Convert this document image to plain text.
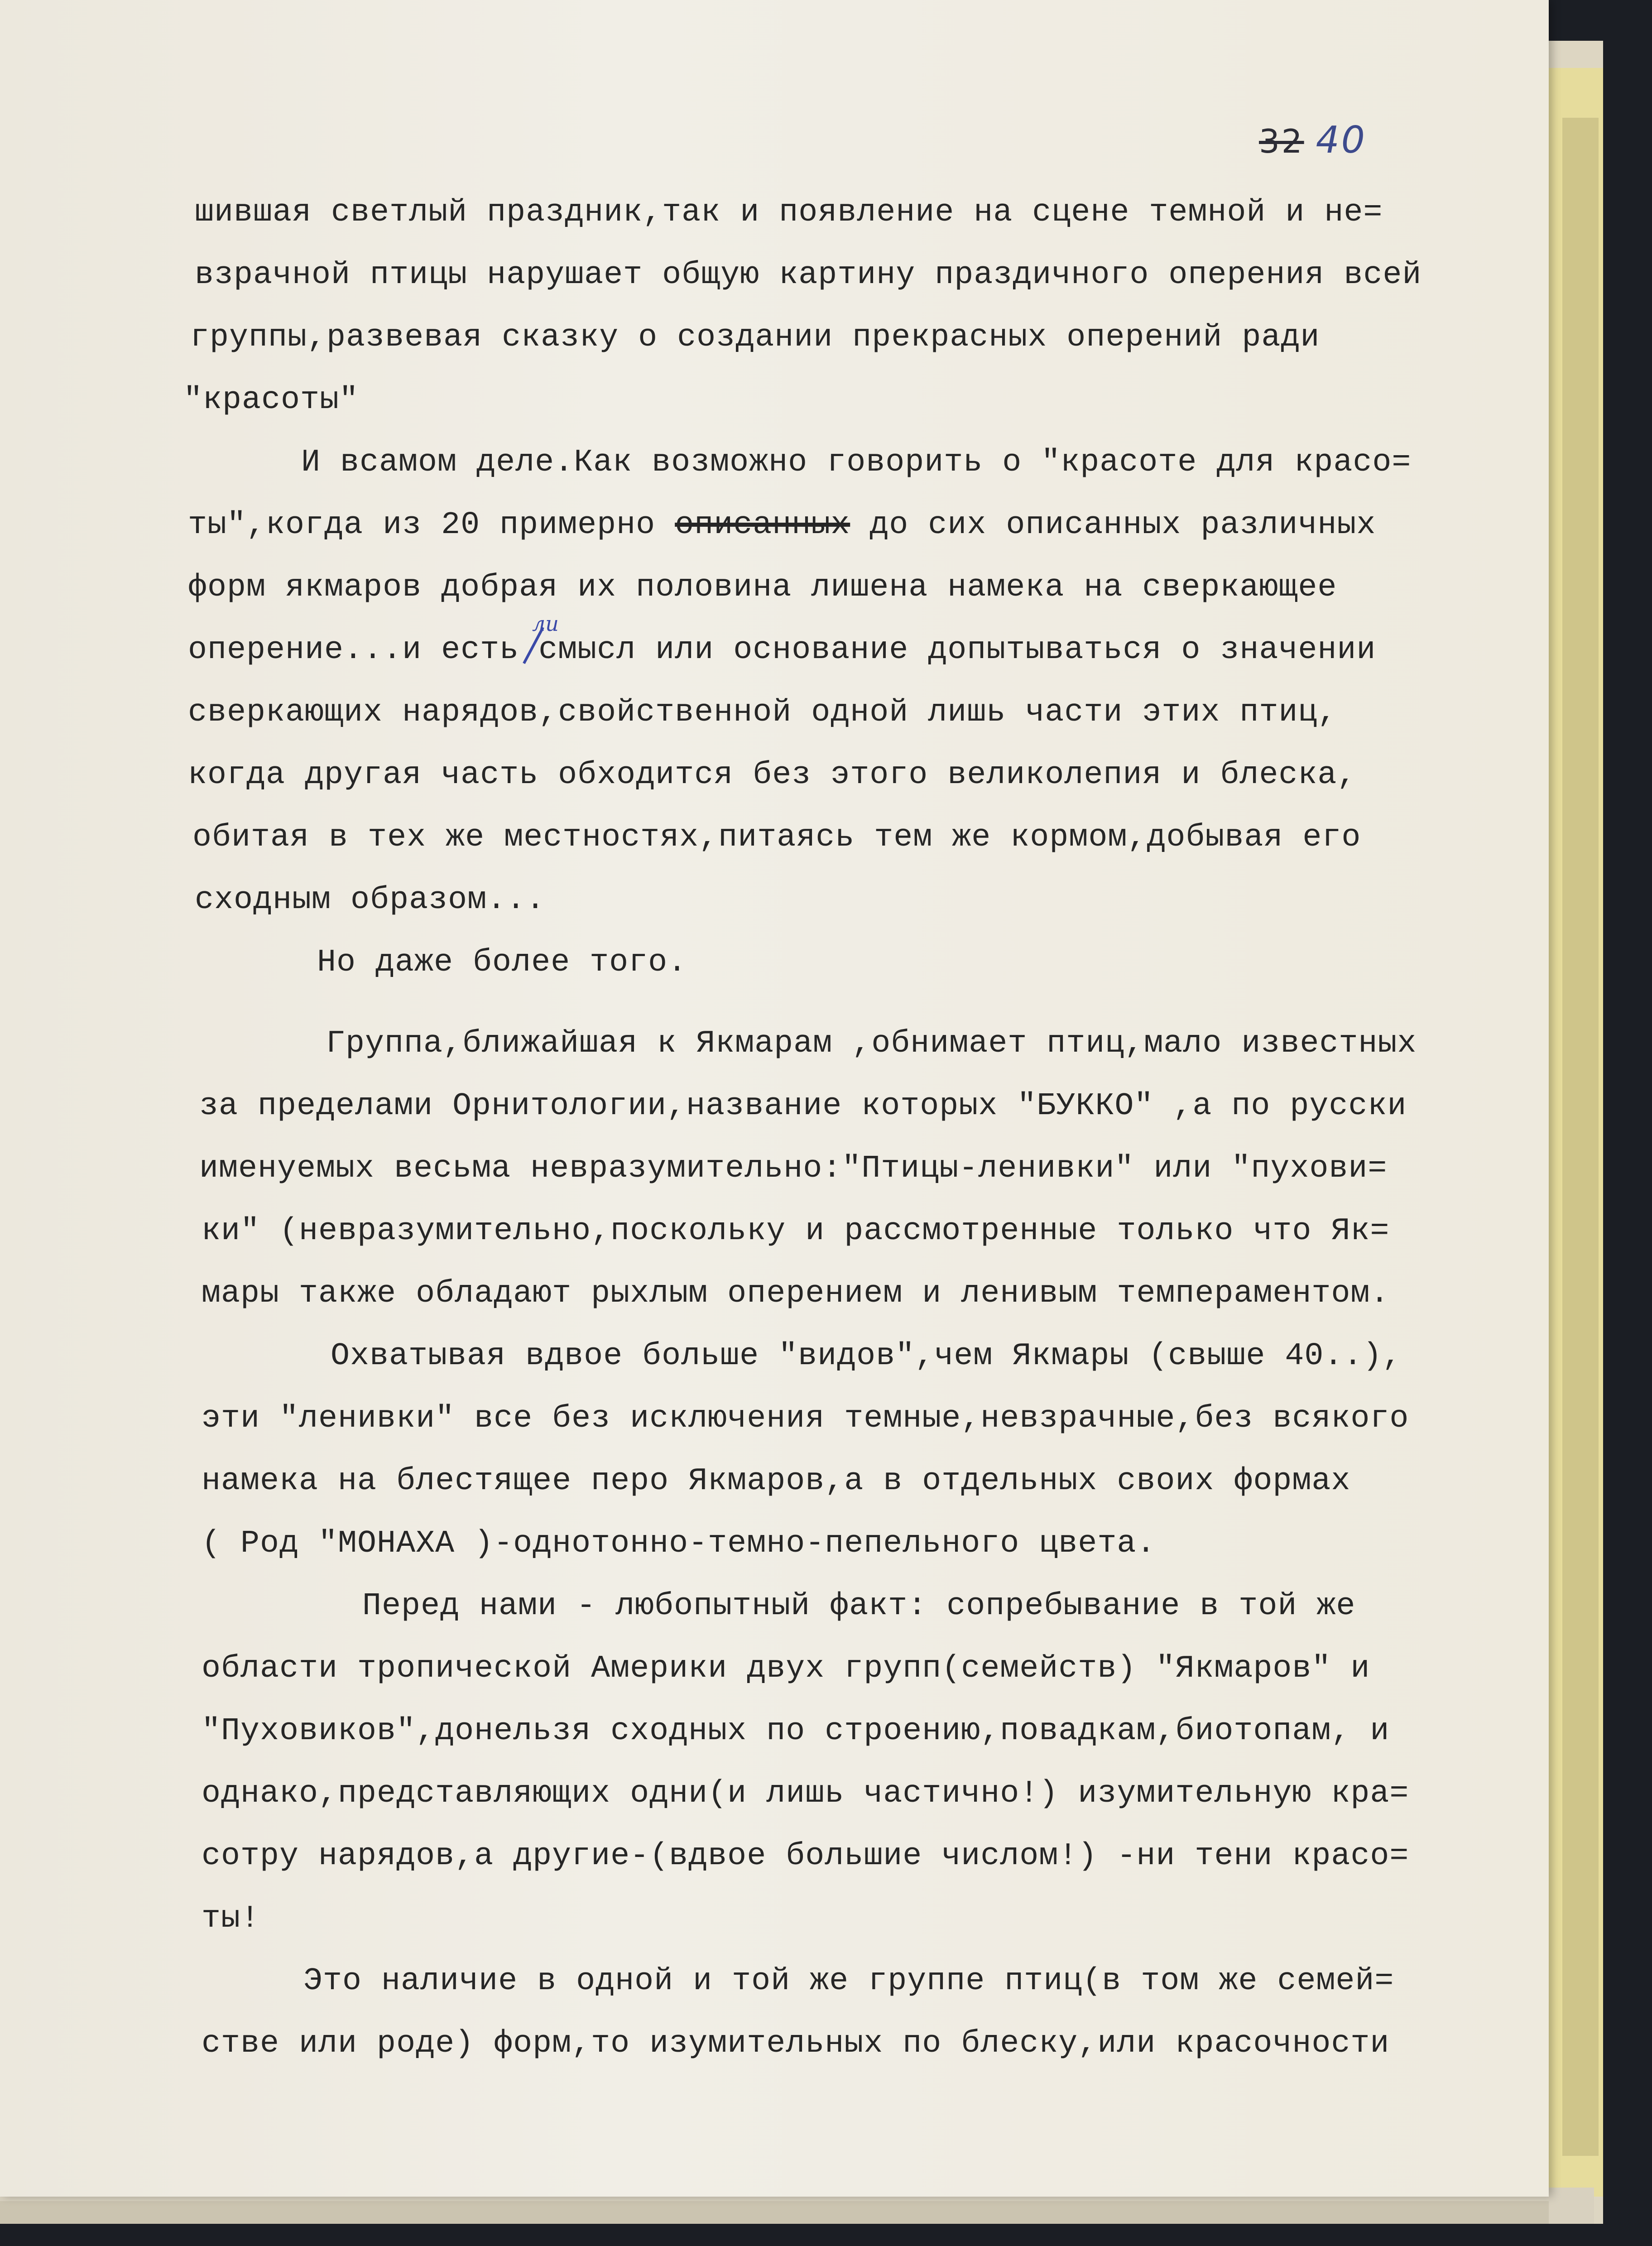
32 40
шившая светлый праздник,так и появление на сцене темной и не=
взрачной птицы нарушает общую картину праздичного оперения всей
группы,развевая сказку о создании прекрасных оперений ради
"красоты"
И всамом деле.Как возможно говорить о "красоте для красо=
ты",когда из 20 примерно описанных до сих описанных различных
форм якмаров добрая их половина лишена намека на сверкающее
оперение...и есть смысл или основание допытываться о значении
ли
сверкающих нарядов,свойственной одной лишь части этих птиц,
когда другая часть обходится без этого великолепия и блеска,
обитая в тех же местностях,питаясь тем же кормом,добывая его
сходным образом...
Но даже более того.
Группа,ближайшая к Якмарам ,обнимает птиц,мало известных
за пределами Орнитологии,название которых "БУККО" ,а по русски
именуемых весьма невразумительно:"Птицы-ленивки" или "пухови=
ки" (невразумительно,поскольку и рассмотренные только что Як=
мары также обладают рыхлым оперением и ленивым темпераментом.
Охватывая вдвое больше "видов",чем Якмары (свыше 40..),
эти "ленивки" все без исключения темные,невзрачные,без всякого
намека на блестящее перо Якмаров,а в отдельных своих формах
( Род "МОНАХА )-однотонно-темно-пепельного цвета.
Перед нами - любопытный факт: сопребывание в той же
области тропической Америки двух групп(семейств) "Якмаров" и
"Пуховиков",донельзя сходных по строению,повадкам,биотопам, и
однако,представляющих одни(и лишь частично!) изумительную кра=
сотру нарядов,а другие-(вдвое большие числом!) -ни тени красо=
ты!
Это наличие в одной и той же группе птиц(в том же семей=
стве или роде) форм,то изумительных по блеску,или красочности
